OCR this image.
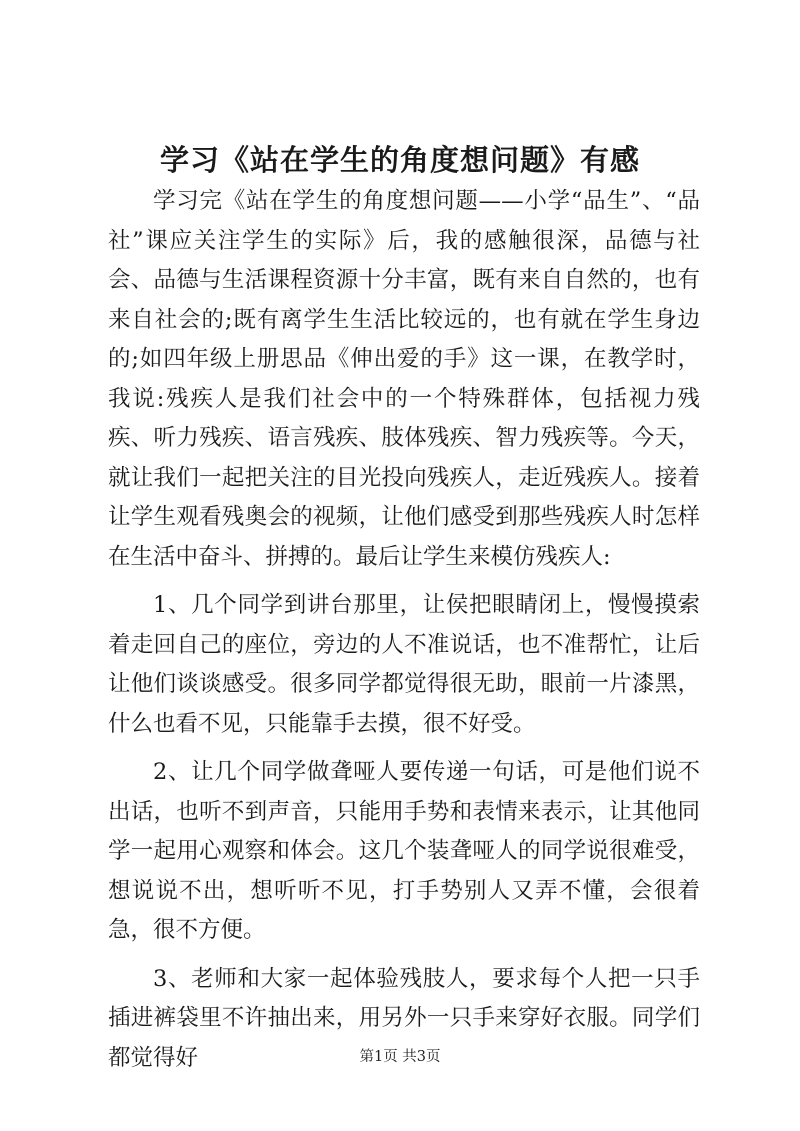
学习《站在学生的角度想问题》有感

学习完《站在学生的角度想问题——小学“品生”、“品社”课应关注学生的实际》后，我的感触很深，品德与社会、品德与生活课程资源十分丰富，既有来自自然的，也有来自社会的;既有离学生生活比较远的，也有就在学生身边的;如四年级上册思品《伸出爱的手》这一课，在教学时，我说:残疾人是我们社会中的一个特殊群体，包括视力残疾、听力残疾、语言残疾、肢体残疾、智力残疾等。今天，就让我们一起把关注的目光投向残疾人，走近残疾人。接着让学生观看残奥会的视频，让他们感受到那些残疾人时怎样在生活中奋斗、拼搏的。最后让学生来模仿残疾人:

1、几个同学到讲台那里，让侯把眼睛闭上，慢慢摸索着走回自己的座位，旁边的人不准说话，也不准帮忙，让后让他们谈谈感受。很多同学都觉得很无助，眼前一片漆黑，什么也看不见，只能靠手去摸，很不好受。

2、让几个同学做聋哑人要传递一句话，可是他们说不出话，也听不到声音，只能用手势和表情来表示，让其他同学一起用心观察和体会。这几个装聋哑人的同学说很难受，想说说不出，想听听不见，打手势别人又弄不懂，会很着急，很不方便。

3、老师和大家一起体验残肢人，要求每个人把一只手插进裤袋里不许抽出来，用另外一只手来穿好衣服。同学们都觉得好	第1页 共3页
